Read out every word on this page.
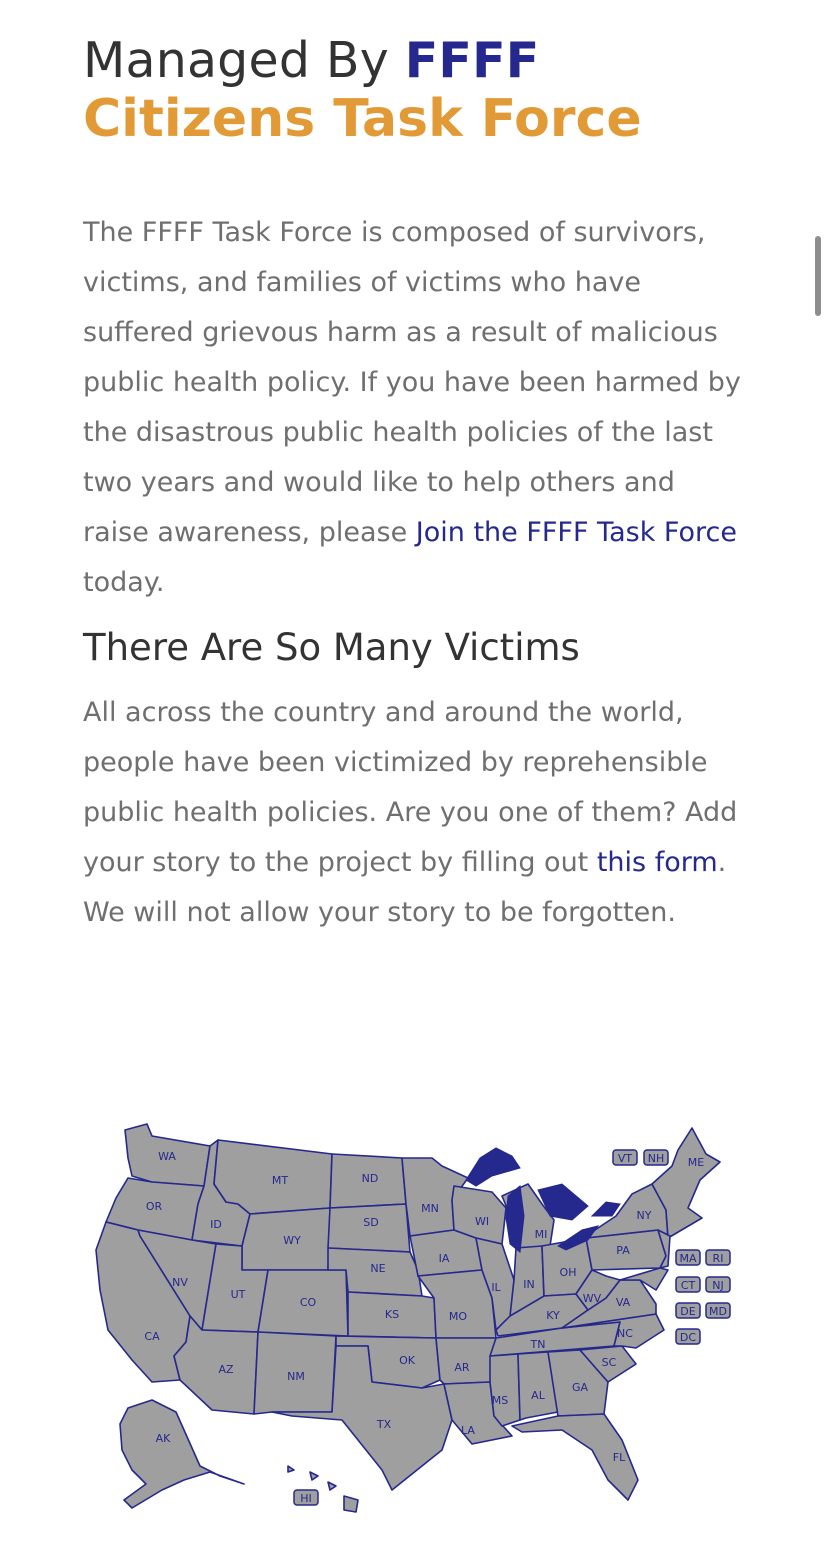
Managed By FFFF

Citizens Task Force

The FFFF Task Force is composed of survivors, victims, and families of victims who have suffered grievous harm as a result of malicious public health policy. If you have been harmed by the disastrous public health policies of the last two years and would like to help others and raise awareness, please Join the FFFF Task Force today.

There Are So Many Victims

All across the country and around the world, people have been victimized by reprehensible public health policies. Are you one of them? Add your story to the project by filling out this form. We will not allow your story to be forgotten.

WA
OR
CA
ID
NV
MT
WY
UT
AZ
CO
NM
ND
SD
NE
KS
OK
TX
MN
IA
MO
AR
LA
WI
IL
MI
IN
OH
KY
TN
MS AL
GA
FL
SC
NC
VA
WV
PA
NY
ME
AK
VT NH
MA RI
CT NJ
DE MD
DC
HI
